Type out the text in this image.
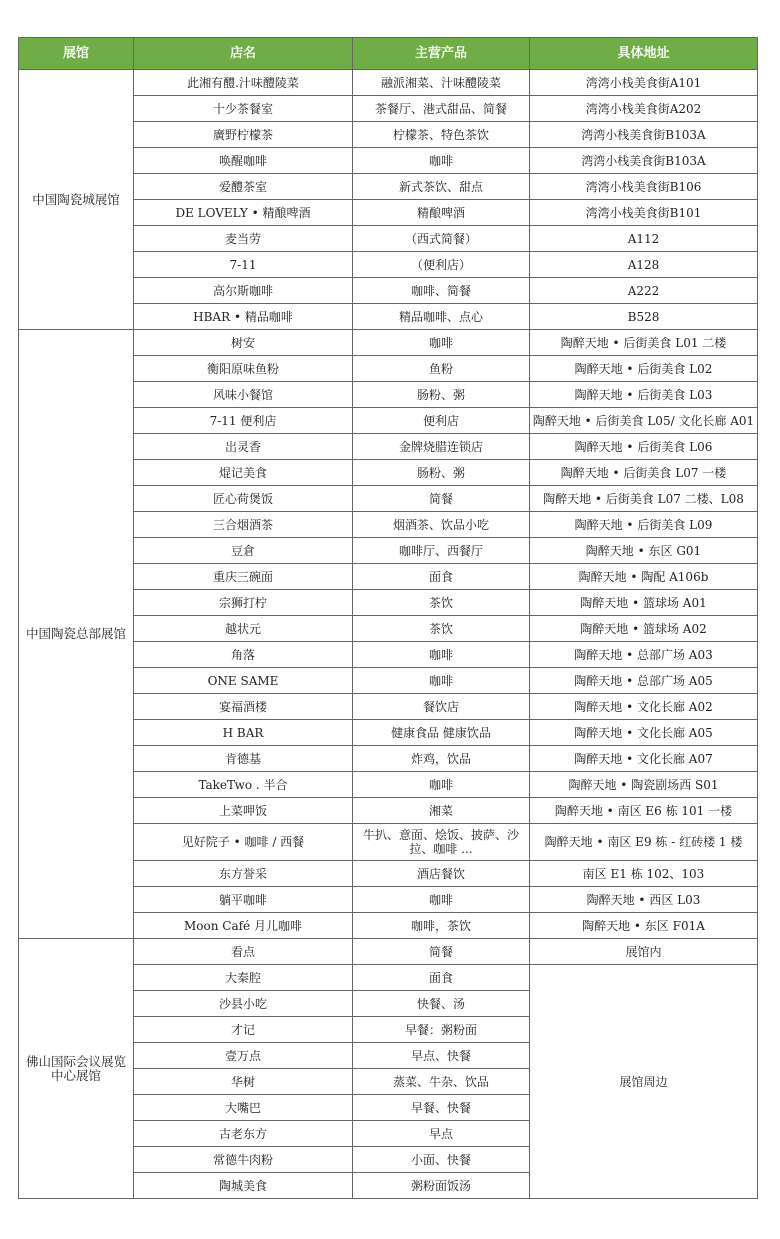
展馆	店名	主营产品	具体地址
中国陶瓷城展馆	此湘有醴.汁味醴陵菜	融派湘菜、汁味醴陵菜	湾湾小栈美食街A101
	十少茶餐室	茶餐厅、港式甜品、简餐	湾湾小栈美食街A202
	廣野柠檬茶	柠檬茶、特色茶饮	湾湾小栈美食街B103A
	唤醒咖啡	咖啡	湾湾小栈美食街B103A
	爱醴茶室	新式茶饮、甜点	湾湾小栈美食街B106
	DE LOVELY • 精酿啤酒	精酿啤酒	湾湾小栈美食街B101
	麦当劳	（西式简餐）	A112
	7-11	（便利店）	A128
	高尔斯咖啡	咖啡、简餐	A222
	HBAR • 精品咖啡	精品咖啡、点心	B528
中国陶瓷总部展馆	树安	咖啡	陶醉天地 • 后街美食 L01 二楼
	衡阳原味鱼粉	鱼粉	陶醉天地 • 后街美食 L02
	风味小餐馆	肠粉、粥	陶醉天地 • 后街美食 L03
	7-11 便利店	便利店	陶醉天地 • 后街美食 L05/ 文化长廊 A01
	岀灵香	金牌烧腊连锁店	陶醉天地 • 后街美食 L06
	焜记美食	肠粉、粥	陶醉天地 • 后街美食 L07 一楼
	匠心荷煲饭	简餐	陶醉天地 • 后街美食 L07 二楼、L08
	三合烟酒茶	烟酒茶、饮品小吃	陶醉天地 • 后街美食 L09
	豆倉	咖啡厅、西餐厅	陶醉天地 • 东区 G01
	重庆三碗面	面食	陶醉天地 • 陶配 A106b
	宗狮打柠	茶饮	陶醉天地 • 篮球场 A01
	越状元	茶饮	陶醉天地 • 篮球场 A02
	角落	咖啡	陶醉天地 • 总部广场 A03
	ONE SAME	咖啡	陶醉天地 • 总部广场 A05
	宴福酒楼	餐饮店	陶醉天地 • 文化长廊 A02
	H BAR	健康食品 健康饮品	陶醉天地 • 文化长廊 A05
	肯德基	炸鸡，饮品	陶醉天地 • 文化长廊 A07
	TakeTwo . 半合	咖啡	陶醉天地 • 陶瓷剧场西 S01
	上菜呷饭	湘菜	陶醉天地 • 南区 E6 栋 101 一楼
	见好院子 • 咖啡 / 西餐	牛扒、意面、烩饭、披萨、沙拉、咖啡 ...	陶醉天地 • 南区 E9 栋 - 红砖楼 1 楼
	东方誉采	酒店餐饮	南区 E1 栋 102、103
	躺平咖啡	咖啡	陶醉天地 • 西区 L03
	Moon Café 月儿咖啡	咖啡，茶饮	陶醉天地 • 东区 F01A
佛山国际会议展览中心展馆	看点	简餐	展馆内
	大秦腔	面食	展馆周边
	沙县小吃	快餐、汤	
	才记	早餐：粥粉面	
	壹万点	早点、快餐	
	华树	蒸菜、牛杂、饮品	
	大嘴巴	早餐、快餐	
	古老东方	早点	
	常德牛肉粉	小面、快餐	
	陶城美食	粥粉面饭汤	
